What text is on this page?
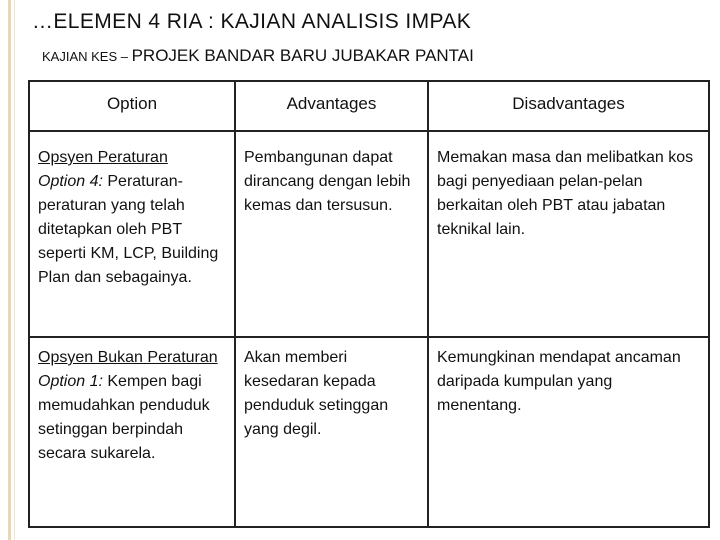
…ELEMEN 4 RIA : KAJIAN ANALISIS IMPAK
KAJIAN KES – PROJEK BANDAR BARU JUBAKAR PANTAI
Option	Advantages	Disadvantages
Opsyen Peraturan
Option 4: Peraturan-peraturan yang telah ditetapkan oleh PBT seperti KM, LCP, Building Plan dan sebagainya.	Pembangunan dapat dirancang dengan lebih kemas dan tersusun.	Memakan masa dan melibatkan kos bagi penyediaan pelan-pelan berkaitan oleh PBT atau jabatan teknikal lain.
Opsyen Bukan Peraturan
Option 1: Kempen bagi memudahkan penduduk setinggan berpindah secara sukarela.	Akan memberi kesedaran kepada penduduk setinggan yang degil.	Kemungkinan mendapat ancaman daripada kumpulan yang menentang.
